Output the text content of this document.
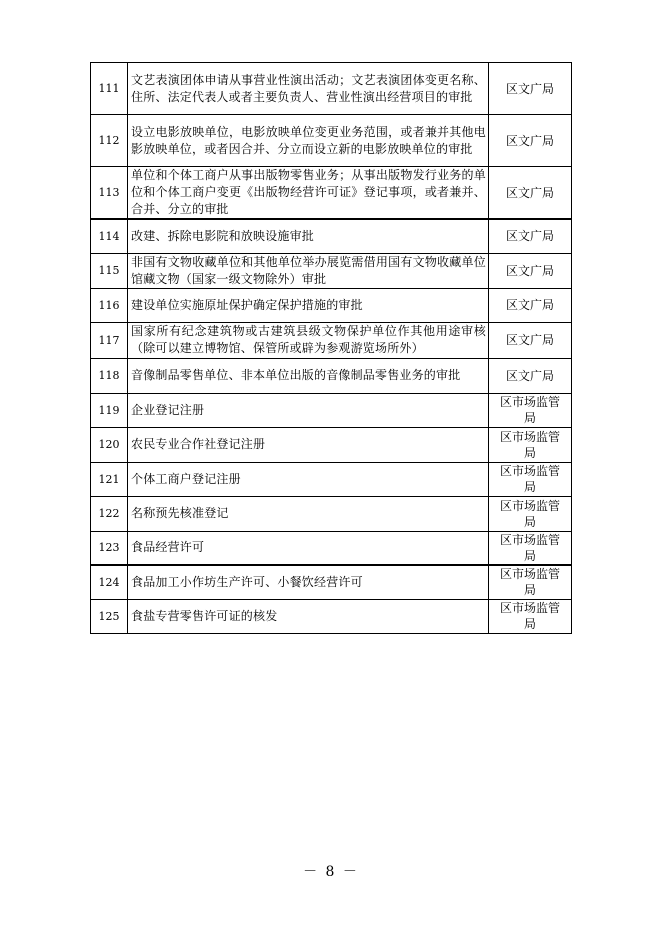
111	文艺表演团体申请从事营业性演出活动；文艺表演团体变更名称、住所、法定代表人或者主要负责人、营业性演出经营项目的审批	区文广局
112	设立电影放映单位，电影放映单位变更业务范围，或者兼并其他电影放映单位，或者因合并、分立而设立新的电影放映单位的审批	区文广局
113	单位和个体工商户从事出版物零售业务；从事出版物发行业务的单位和个体工商户变更《出版物经营许可证》登记事项，或者兼并、合并、分立的审批	区文广局
114	改建、拆除电影院和放映设施审批	区文广局
115	非国有文物收藏单位和其他单位举办展览需借用国有文物收藏单位馆藏文物（国家一级文物除外）审批	区文广局
116	建设单位实施原址保护确定保护措施的审批	区文广局
117	国家所有纪念建筑物或古建筑县级文物保护单位作其他用途审核（除可以建立博物馆、保管所或辟为参观游览场所外）	区文广局
118	音像制品零售单位、非本单位出版的音像制品零售业务的审批	区文广局
119	企业登记注册	区市场监管局
120	农民专业合作社登记注册	区市场监管局
121	个体工商户登记注册	区市场监管局
122	名称预先核准登记	区市场监管局
123	食品经营许可	区市场监管局
124	食品加工小作坊生产许可、小餐饮经营许可	区市场监管局
125	食盐专营零售许可证的核发	区市场监管局
－ 8 －
